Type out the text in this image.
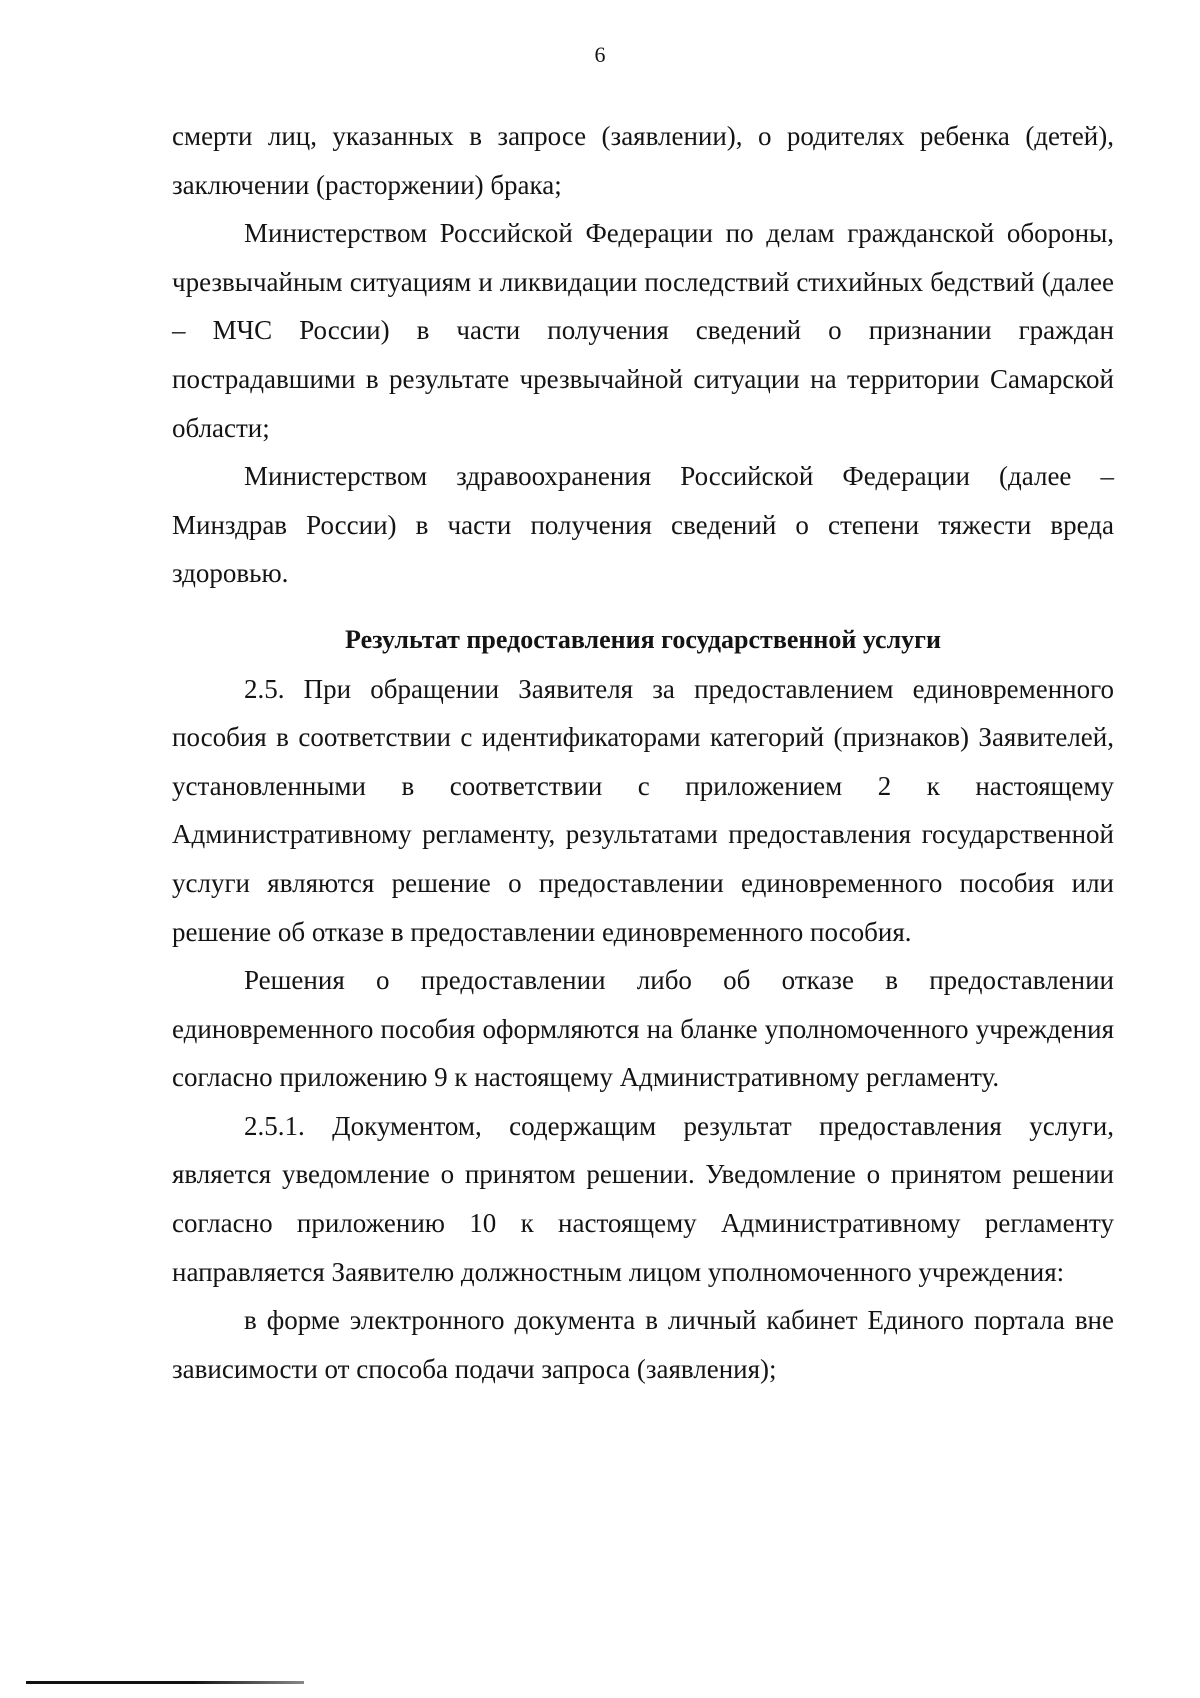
6

смерти лиц, указанных в запросе (заявлении), о родителях ребенка (детей), заключении (расторжении) брака;

Министерством Российской Федерации по делам гражданской обороны, чрезвычайным ситуациям и ликвидации последствий стихийных бедствий (далее – МЧС России) в части получения сведений о признании граждан пострадавшими в результате чрезвычайной ситуации на территории Самарской области;

Министерством здравоохранения Российской Федерации (далее – Минздрав России) в части получения сведений о степени тяжести вреда здоровью.

Результат предоставления государственной услуги

2.5. При обращении Заявителя за предоставлением единовременного пособия в соответствии с идентификаторами категорий (признаков) Заявителей, установленными в соответствии с приложением 2 к настоящему Административному регламенту, результатами предоставления государственной услуги являются решение о предоставлении единовременного пособия или решение об отказе в предоставлении единовременного пособия.

Решения о предоставлении либо об отказе в предоставлении единовременного пособия оформляются на бланке уполномоченного учреждения согласно приложению 9 к настоящему Административному регламенту.

2.5.1. Документом, содержащим результат предоставления услуги, является уведомление о принятом решении. Уведомление о принятом решении согласно приложению 10 к настоящему Административному регламенту направляется Заявителю должностным лицом уполномоченного учреждения:

в форме электронного документа в личный кабинет Единого портала вне зависимости от способа подачи запроса (заявления);
